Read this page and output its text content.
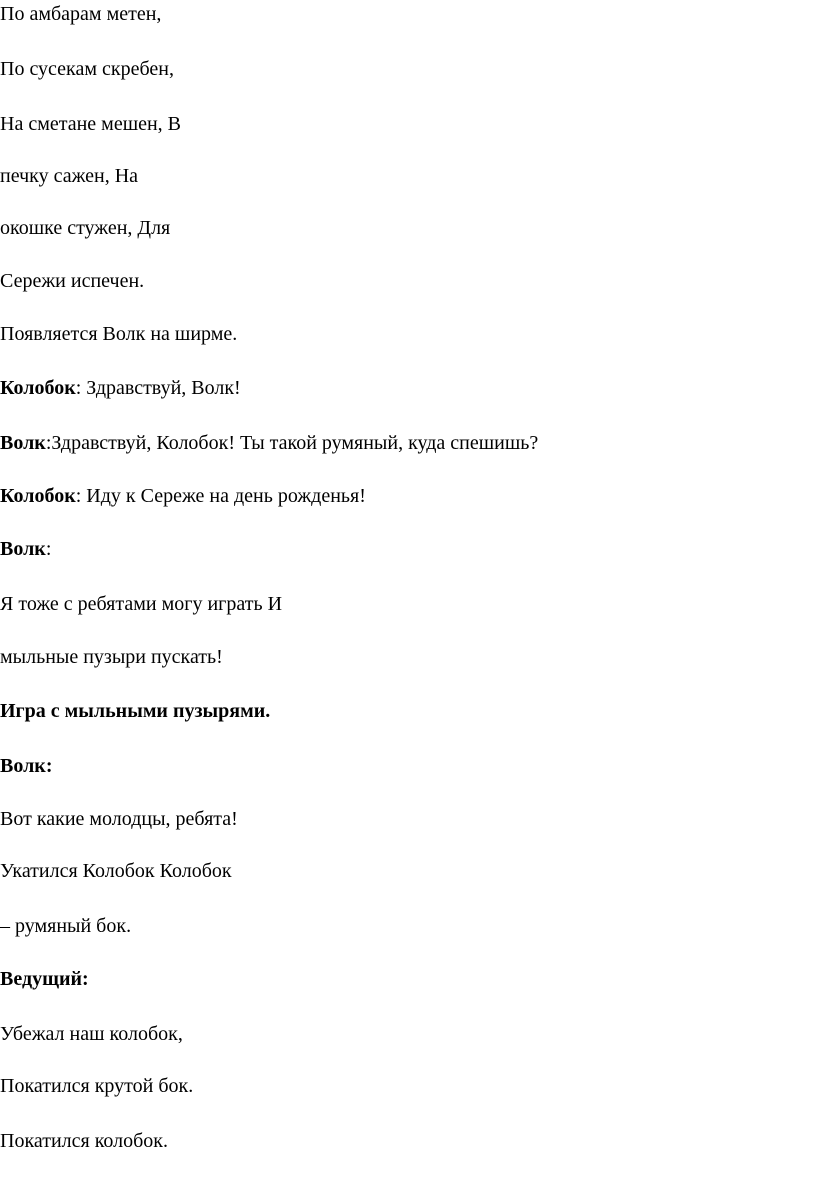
По амбарам метен,
По сусекам скребен,
На сметане мешен, В
печку сажен, На
окошке стужен, Для
Сережи испечен.
Появляется Волк на ширме.
Колобок: Здравствуй, Волк!
Волк:Здравствуй, Колобок! Ты такой румяный, куда спешишь?
Колобок: Иду к Сереже на день рожденья!
Волк:
Я тоже с ребятами могу играть И
мыльные пузыри пускать!
Игра с мыльными пузырями.
Волк:
Вот какие молодцы, ребята!
Укатился Колобок Колобок
– румяный бок.
Ведущий:
Убежал наш колобок,
Покатился крутой бок.
Покатился колобок.
